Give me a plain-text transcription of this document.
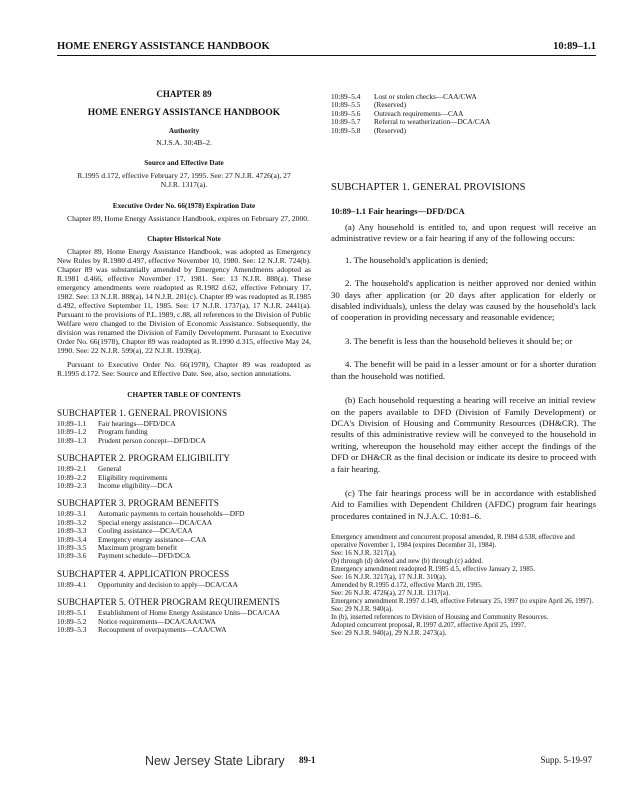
HOME ENERGY ASSISTANCE HANDBOOK	10:89–1.1

CHAPTER 89

HOME ENERGY ASSISTANCE HANDBOOK

Authority

N.J.S.A. 30:4B–2.

Source and Effective Date

R.1995 d.172, effective February 27, 1995. See: 27 N.J.R. 4726(a), 27 N.J.R. 1317(a).

Executive Order No. 66(1978) Expiration Date

Chapter 89, Home Energy Assistance Handbook, expires on February 27, 2000.

Chapter Historical Note

Chapter 89, Home Energy Assistance Handbook, was adopted as Emergency New Rules by R.1980 d.497, effective November 10, 1980. See: 12 N.J.R. 724(b). Chapter 89 was substantially amended by Emergency Amendments adopted as R.1981 d.466, effective November 17, 1981. See: 13 N.J.R. 888(a). These emergency amendments were readopted as R.1982 d.62, effective February 17, 1982. See: 13 N.J.R. 888(a), 14 N.J.R. 281(c). Chapter 89 was readopted as R.1985 d.492, effective September 11, 1985. See: 17 N.J.R. 1737(a), 17 N.J.R. 2441(a). Pursuant to the provisions of P.L.1989, c.88, all references to the Division of Public Welfare were changed to the Division of Economic Assistance. Subsequently, the division was renamed the Division of Family Development. Pursuant to Executive Order No. 66(1978), Chapter 89 was readopted as R.1990 d.315, effective May 24, 1990. See: 22 N.J.R. 599(a), 22 N.J.R. 1939(a).

Pursuant to Executive Order No. 66(1978), Chapter 89 was readopted as R.1995 d.172. See: Source and Effective Date. See, also, section annotations.

CHAPTER TABLE OF CONTENTS

SUBCHAPTER 1. GENERAL PROVISIONS

10:89–1.1	Fair hearings—DFD/DCA
10:89–1.2	Program funding
10:89–1.3	Prudent person concept—DFD/DCA

SUBCHAPTER 2. PROGRAM ELIGIBILITY

10:89–2.1	General
10:89–2.2	Eligibility requirements
10:89–2.3	Income eligibility—DCA

SUBCHAPTER 3. PROGRAM BENEFITS

10:89–3.1	Automatic payments to certain households—DFD
10:89–3.2	Special energy assistance—DCA/CAA
10:89–3.3	Cooling assistance—DCA/CAA
10:89–3.4	Emergency energy assistance—CAA
10:89–3.5	Maximum program benefit
10:89–3.6	Payment schedule—DFD/DCA

SUBCHAPTER 4. APPLICATION PROCESS

10:89–4.1	Opportunity and decision to apply—DCA/CAA

SUBCHAPTER 5. OTHER PROGRAM REQUIREMENTS

10:89–5.1	Establishment of Home Energy Assistance Units—DCA/CAA
10:89–5.2	Notice requirements—DCA/CAA/CWA
10:89–5.3	Recoupment of overpayments—CAA/CWA
10:89–5.4	Lost or stolen checks—CAA/CWA
10:89–5.5	(Reserved)
10:89–5.6	Outreach requirements—CAA
10:89–5.7	Referral to weatherization—DCA/CAA
10:89–5.8	(Reserved)

SUBCHAPTER 1. GENERAL PROVISIONS

10:89–1.1 Fair hearings—DFD/DCA

(a) Any household is entitled to, and upon request will receive an administrative review or a fair hearing if any of the following occurs:

1. The household's application is denied;

2. The household's application is neither approved nor denied within 30 days after application (or 20 days after application for elderly or disabled individuals), unless the delay was caused by the household's lack of cooperation in providing necessary and reasonable evidence;

3. The benefit is less than the household believes it should be; or

4. The benefit will be paid in a lesser amount or for a shorter duration than the household was notified.

(b) Each household requesting a hearing will receive an initial review on the papers available to DFD (Division of Family Development) or DCA's Division of Housing and Community Resources (DH&CR). The results of this administrative review will be conveyed to the household in writing, whereupon the household may either accept the findings of the DFD or DH&CR as the final decision or indicate its desire to proceed with a fair hearing.

(c) The fair hearings process will be in accordance with established Aid to Families with Dependent Children (AFDC) program fair hearings procedures contained in N.J.A.C. 10:81–6.

Emergency amendment and concurrent proposal amended, R.1984 d.538, effective and operative November 1, 1984 (expires December 31, 1984).

See: 16 N.J.R. 3217(a).

(b) through (d) deleted and new (b) through (c) added.

Emergency amendment readopted R.1985 d.5, effective January 2, 1985.

See: 16 N.J.R. 3217(a), 17 N.J.R. 310(a).

Amended by R.1995 d.172, effective March 20, 1995.

See: 26 N.J.R. 4726(a), 27 N.J.R. 1317(a).

Emergency amendment R.1997 d.149, effective February 25, 1997 (to expire April 26, 1997).

See: 29 N.J.R. 940(a).

In (b), inserted references to Division of Housing and Community Resources.

Adopted concurrent proposal, R.1997 d.207, effective April 25, 1997.

See: 29 N.J.R. 940(a), 29 N.J.R. 2473(a).

New Jersey State Library 89-1	Supp. 5-19-97
